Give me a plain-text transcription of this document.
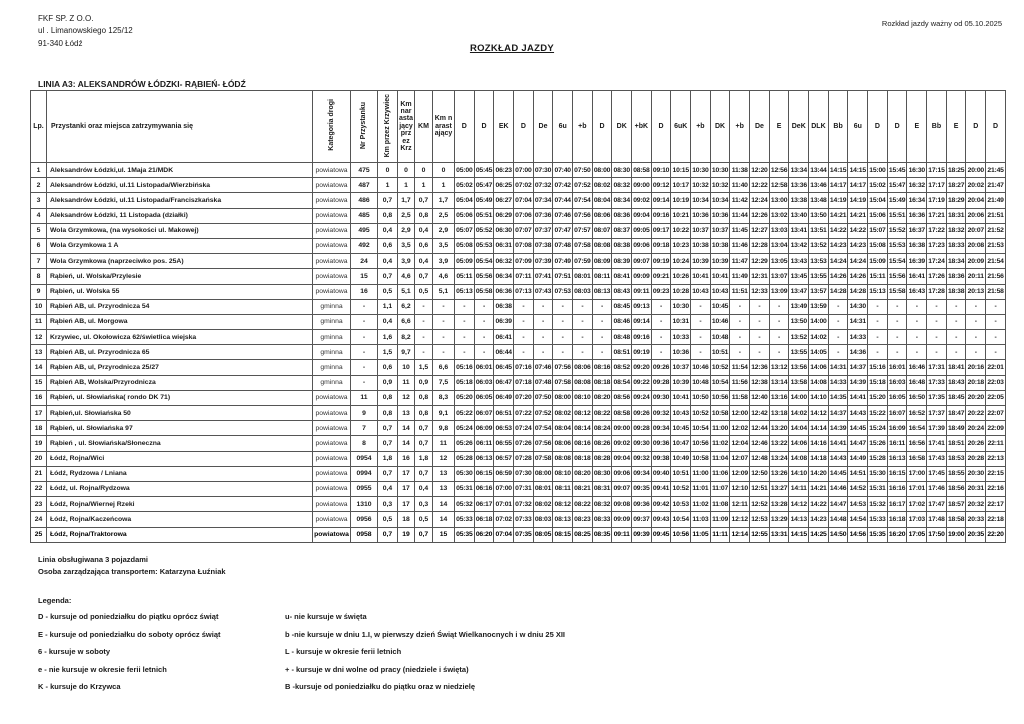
FKF SP. Z O.O.
ul . Limanowskiego 125/12
91-340 Łódź
Rozkład jazdy ważny od 05.10.2025
ROZKŁAD JAZDY
LINIA A3: ALEKSANDRÓW ŁÓDZKI- RĄBIEŃ- ŁÓDŹ
Lp.	Przystanki oraz miejsca zatrzymywania się	Kategoria drogi	Nr Przystanku	Km przez Krzywiec	Km narastający przez Krz	KM	Km narastający	D	D	EK	D	De	6u	+b	D	DK	+bK	D	6uK	+b	DK	+b	De	E	DeK	DLK	Bb	6u	D	D	E	Bb	E	D	D
1	Aleksandrów Łódzki,ul. 1Maja 21/MDK	powiatowa	475	0	0	0	0	05:00	05:45	06:23	07:00	07:30	07:40	07:50	08:00	08:30	08:58	09:10	10:15	10:30	10:30	11:38	12:20	12:56	13:34	13:44	14:15	14:15	15:00	15:45	16:30	17:15	18:25	20:00	21:45
2	Aleksandrów Łódzki, ul.11 Listopada/Wierzbińska	powiatowa	487	1	1	1	1	05:02	05:47	06:25	07:02	07:32	07:42	07:52	08:02	08:32	09:00	09:12	10:17	10:32	10:32	11:40	12:22	12:58	13:36	13:46	14:17	14:17	15:02	15:47	16:32	17:17	18:27	20:02	21:47
3	Aleksandrów Łódzki, ul.11 Listopada/Franciszkańska	powiatowa	486	0,7	1,7	0,7	1,7	05:04	05:49	06:27	07:04	07:34	07:44	07:54	08:04	08:34	09:02	09:14	10:19	10:34	10:34	11:42	12:24	13:00	13:38	13:48	14:19	14:19	15:04	15:49	16:34	17:19	18:29	20:04	21:49
4	Aleksandrów Łódzki, 11 Listopada (działki)	powiatowa	485	0,8	2,5	0,8	2,5	05:06	05:51	06:29	07:06	07:36	07:46	07:56	08:06	08:36	09:04	09:16	10:21	10:36	10:36	11:44	12:26	13:02	13:40	13:50	14:21	14:21	15:06	15:51	16:36	17:21	18:31	20:06	21:51
5	Wola Grzymkowa, (na wysokości ul. Makowej)	powiatowa	495	0,4	2,9	0,4	2,9	05:07	05:52	06:30	07:07	07:37	07:47	07:57	08:07	08:37	09:05	09:17	10:22	10:37	10:37	11:45	12:27	13:03	13:41	13:51	14:22	14:22	15:07	15:52	16:37	17:22	18:32	20:07	21:52
6	Wola Grzymkowa 1 A	powiatowa	492	0,6	3,5	0,6	3,5	05:08	05:53	06:31	07:08	07:38	07:48	07:58	08:08	08:38	09:06	09:18	10:23	10:38	10:38	11:46	12:28	13:04	13:42	13:52	14:23	14:23	15:08	15:53	16:38	17:23	18:33	20:08	21:53
7	Wola Grzymkowa (naprzeciwko pos. 25A)	powiatowa	24	0,4	3,9	0,4	3,9	05:09	05:54	06:32	07:09	07:39	07:49	07:59	08:09	08:39	09:07	09:19	10:24	10:39	10:39	11:47	12:29	13:05	13:43	13:53	14:24	14:24	15:09	15:54	16:39	17:24	18:34	20:09	21:54
8	Rąbień, ul. Wolska/Przylesie	powiatowa	15	0,7	4,6	0,7	4,6	05:11	05:56	06:34	07:11	07:41	07:51	08:01	08:11	08:41	09:09	09:21	10:26	10:41	10:41	11:49	12:31	13:07	13:45	13:55	14:26	14:26	15:11	15:56	16:41	17:26	18:36	20:11	21:56
9	Rąbień, ul. Wolska 55	powiatowa	16	0,5	5,1	0,5	5,1	05:13	05:58	06:36	07:13	07:43	07:53	08:03	08:13	08:43	09:11	09:23	10:28	10:43	10:43	11:51	12:33	13:09	13:47	13:57	14:28	14:28	15:13	15:58	16:43	17:28	18:38	20:13	21:58
10	Rąbień AB, ul. Przyrodnicza 54	gminna	-	1,1	6,2	-	-	-	-	06:38	-	-	-	-	-	08:45	09:13	-	10:30	-	10:45	-	-	-	13:49	13:59	-	14:30	-	-	-	-	-	-	-
11	Rąbień AB, ul. Morgowa	gminna	-	0,4	6,6	-	-	-	-	06:39	-	-	-	-	-	08:46	09:14	-	10:31	-	10:46	-	-	-	13:50	14:00	-	14:31	-	-	-	-	-	-	-
12	Krzywiec, ul. Okołowicza 62/świetlica wiejska	gminna	-	1,6	8,2	-	-	-	-	06:41	-	-	-	-	-	08:48	09:16	-	10:33	-	10:48	-	-	-	13:52	14:02	-	14:33	-	-	-	-	-	-	-
13	Rąbień AB, ul. Przyrodnicza 65	gminna	-	1,5	9,7	-	-	-	-	06:44	-	-	-	-	-	08:51	09:19	-	10:36	-	10:51	-	-	-	13:55	14:05	-	14:36	-	-	-	-	-	-	-
14	Rąbien AB, ul, Przyrodnicza 25/27	gminna	-	0,6	10	1,5	6,6	05:16	06:01	06:45	07:16	07:46	07:56	08:06	08:16	08:52	09:20	09:26	10:37	10:46	10:52	11:54	12:36	13:12	13:56	14:06	14:31	14:37	15:16	16:01	16:46	17:31	18:41	20:16	22:01
15	Rąbień AB, Wolska/Przyrodnicza	gminna	-	0,9	11	0,9	7,5	05:18	06:03	06:47	07:18	07:48	07:58	08:08	08:18	08:54	09:22	09:28	10:39	10:48	10:54	11:56	12:38	13:14	13:58	14:08	14:33	14:39	15:18	16:03	16:48	17:33	18:43	20:18	22:03
16	Rąbień, ul. Słowiańska( rondo DK 71)	powiatowa	11	0,8	12	0,8	8,3	05:20	06:05	06:49	07:20	07:50	08:00	08:10	08:20	08:56	09:24	09:30	10:41	10:50	10:56	11:58	12:40	13:16	14:00	14:10	14:35	14:41	15:20	16:05	16:50	17:35	18:45	20:20	22:05
17	Rąbień,ul. Słowiańska 50	powiatowa	9	0,8	13	0,8	9,1	05:22	06:07	06:51	07:22	07:52	08:02	08:12	08:22	08:58	09:26	09:32	10:43	10:52	10:58	12:00	12:42	13:18	14:02	14:12	14:37	14:43	15:22	16:07	16:52	17:37	18:47	20:22	22:07
18	Rąbień, ul. Słowiańska 97	powiatowa	7	0,7	14	0,7	9,8	05:24	06:09	06:53	07:24	07:54	08:04	08:14	08:24	09:00	09:28	09:34	10:45	10:54	11:00	12:02	12:44	13:20	14:04	14:14	14:39	14:45	15:24	16:09	16:54	17:39	18:49	20:24	22:09
19	Rąbień , ul. Słowiańska/Słoneczna	powiatowa	8	0,7	14	0,7	11	05:26	06:11	06:55	07:26	07:56	08:06	08:16	08:26	09:02	09:30	09:36	10:47	10:56	11:02	12:04	12:46	13:22	14:06	14:16	14:41	14:47	15:26	16:11	16:56	17:41	18:51	20:26	22:11
20	Łódź, Rojna/Wici	powiatowa	0954	1,8	16	1,8	12	05:28	06:13	06:57	07:28	07:58	08:08	08:18	08:28	09:04	09:32	09:38	10:49	10:58	11:04	12:07	12:48	13:24	14:08	14:18	14:43	14:49	15:28	16:13	16:58	17:43	18:53	20:28	22:13
21	Łódź, Rydzowa / Lniana	powiatowa	0994	0,7	17	0,7	13	05:30	06:15	06:59	07:30	08:00	08:10	08:20	08:30	09:06	09:34	09:40	10:51	11:00	11:06	12:09	12:50	13:26	14:10	14:20	14:45	14:51	15:30	16:15	17:00	17:45	18:55	20:30	22:15
22	Łódź, ul. Rojna/Rydzowa	powiatowa	0955	0,4	17	0,4	13	05:31	06:16	07:00	07:31	08:01	08:11	08:21	08:31	09:07	09:35	09:41	10:52	11:01	11:07	12:10	12:51	13:27	14:11	14:21	14:46	14:52	15:31	16:16	17:01	17:46	18:56	20:31	22:16
23	Łódź, Rojna/Wiernej Rzeki	powiatowa	1310	0,3	17	0,3	14	05:32	06:17	07:01	07:32	08:02	08:12	08:22	08:32	09:08	09:36	09:42	10:53	11:02	11:08	12:11	12:52	13:28	14:12	14:22	14:47	14:53	15:32	16:17	17:02	17:47	18:57	20:32	22:17
24	Łódź, Rojna/Kaczeńcowa	powiatowa	0956	0,5	18	0,5	14	05:33	06:18	07:02	07:33	08:03	08:13	08:23	08:33	09:09	09:37	09:43	10:54	11:03	11:09	12:12	12:53	13:29	14:13	14:23	14:48	14:54	15:33	16:18	17:03	17:48	18:58	20:33	22:18
25	Łódź, Rojna/Traktorowa	powiatowa	0958	0,7	19	0,7	15	05:35	06:20	07:04	07:35	08:05	08:15	08:25	08:35	09:11	09:39	09:45	10:56	11:05	11:11	12:14	12:55	13:31	14:15	14:25	14:50	14:56	15:35	16:20	17:05	17:50	19:00	20:35	22:20
Linia obsługiwana 3 pojazdami
Osoba zarządzająca transportem: Katarzyna Łuźniak
Legenda:
D - kursuje od poniedziałku do piątku oprócz świąt
E - kursuje od poniedziałku do soboty oprócz świąt
6 - kursuje w soboty
e - nie kursuje w okresie ferii letnich
K - kursuje do Krzywca
u- nie kursuje w święta
b -nie kursuje w dniu 1.I, w pierwszy dzień Świąt Wielkanocnych i w dniu 25 XII
L - kursuje w okresie ferii letnich
+ - kursuje w dni wolne od pracy (niedziele i święta)
B -kursuje od poniedziałku do piątku oraz w niedzielę
